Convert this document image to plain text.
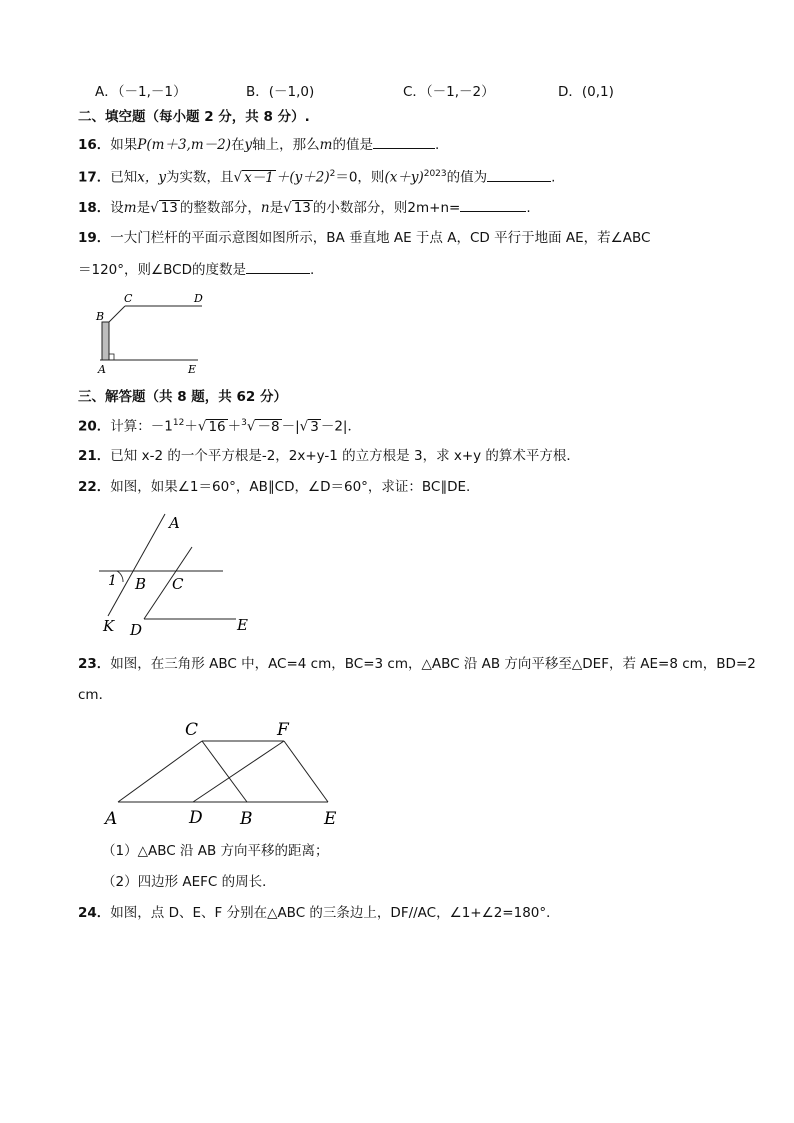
A．（－1,－1）	B．(－1,0)	C．（－1,－2）	D．(0,1)
二、填空题（每小题 2 分，共 8 分）.
16．如果P(m＋3,m－2)在y轴上，那么m的值是	.
17．已知x，y为实数，且√ $x-1 +(y+2)^2=0$，则$(x+y)^{2023}$的值为	.
18．设m是√ 13 的整数部分，n是√ 13 的小数部分，则2m+n=	.
19．一大门栏杆的平面示意图如图所示，BA 垂直地 AE 于点 A，CD 平行于地面 AE，若∠ABC
＝120°，则∠BCD的度数是	.
C	D
B
A	E
三、解答题（共 8 题，共 62 分）
20．计算：$-1^{12}+√$ 16 ＋$^3$√ －8 －|√ 3 －2|．
21．已知 x-2 的一个平方根是-2，2x+y-1 的立方根是 3，求 x+y 的算术平方根．
22．如图，如果∠1＝60°，AB∥CD，∠D＝60°，求证：BC∥DE.
A
1 B C
K D	E
23．如图，在三角形 ABC 中，AC=4 cm，BC=3 cm，△ABC 沿 AB 方向平移至△DEF，若 AE=8 cm，BD=2
cm．
C	F
A	D B	E
（1）△ABC 沿 AB 方向平移的距离；
（2）四边形 AEFC 的周长．
24．如图，点 D、E、F 分别在△ABC 的三条边上，DF//AC，∠1+∠2=180°．
